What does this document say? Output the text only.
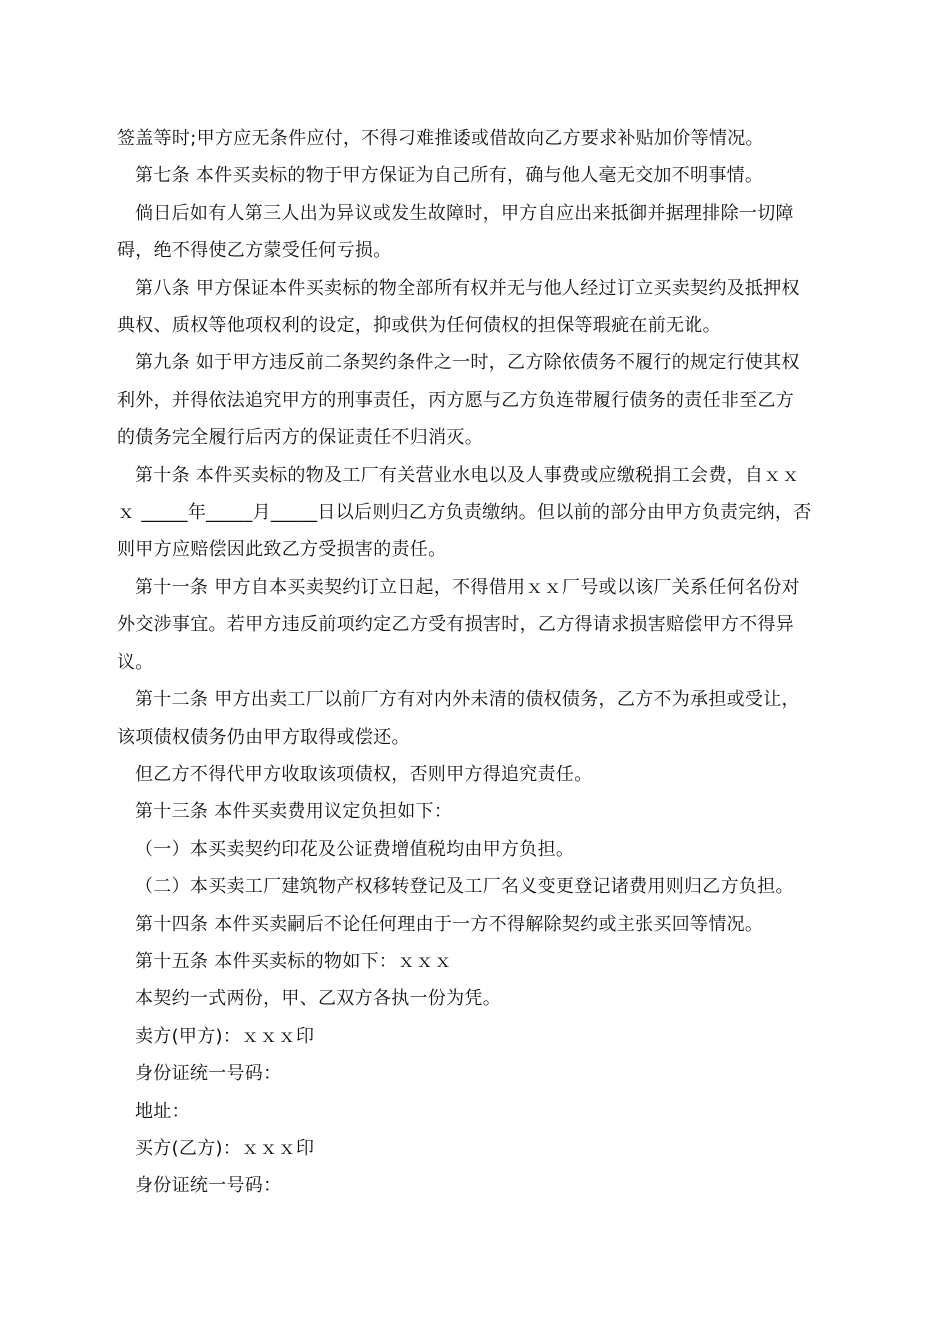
签盖等时;甲方应无条件应付，不得刁难推诿或借故向乙方要求补贴加价等情况。

第七条 本件买卖标的物于甲方保证为自己所有，确与他人毫无交加不明事情。

倘日后如有人第三人出为异议或发生故障时，甲方自应出来抵御并据理排除一切障
碍，绝不得使乙方蒙受任何亏损。

第八条 甲方保证本件买卖标的物全部所有权并无与他人经过订立买卖契约及抵押权
典权、质权等他项权利的设定，抑或供为任何债权的担保等瑕疵在前无讹。

第九条 如于甲方违反前二条契约条件之一时，乙方除依债务不履行的规定行使其权
利外，并得依法追究甲方的刑事责任，丙方愿与乙方负连带履行债务的责任非至乙方
的债务完全履行后丙方的保证责任不归消灭。

第十条 本件买卖标的物及工厂有关营业水电以及人事费或应缴税捐工会费，自ｘｘ
ｘ _____年_____月_____日以后则归乙方负责缴纳。但以前的部分由甲方负责完纳，否
则甲方应赔偿因此致乙方受损害的责任。

第十一条 甲方自本买卖契约订立日起，不得借用ｘｘ厂号或以该厂关系任何名份对
外交涉事宜。若甲方违反前项约定乙方受有损害时，乙方得请求损害赔偿甲方不得异
议。

第十二条 甲方出卖工厂以前厂方有对内外未清的债权债务，乙方不为承担或受让，
该项债权债务仍由甲方取得或偿还。

但乙方不得代甲方收取该项债权，否则甲方得追究责任。

第十三条 本件买卖费用议定负担如下：

（一）本买卖契约印花及公证费增值税均由甲方负担。

（二）本买卖工厂建筑物产权移转登记及工厂名义变更登记诸费用则归乙方负担。

第十四条 本件买卖嗣后不论任何理由于一方不得解除契约或主张买回等情况。

第十五条 本件买卖标的物如下：ｘｘｘ

本契约一式两份，甲、乙双方各执一份为凭。

卖方(甲方)：ｘｘｘ印

身份证统一号码：

地址：

买方(乙方)：ｘｘｘ印

身份证统一号码：
